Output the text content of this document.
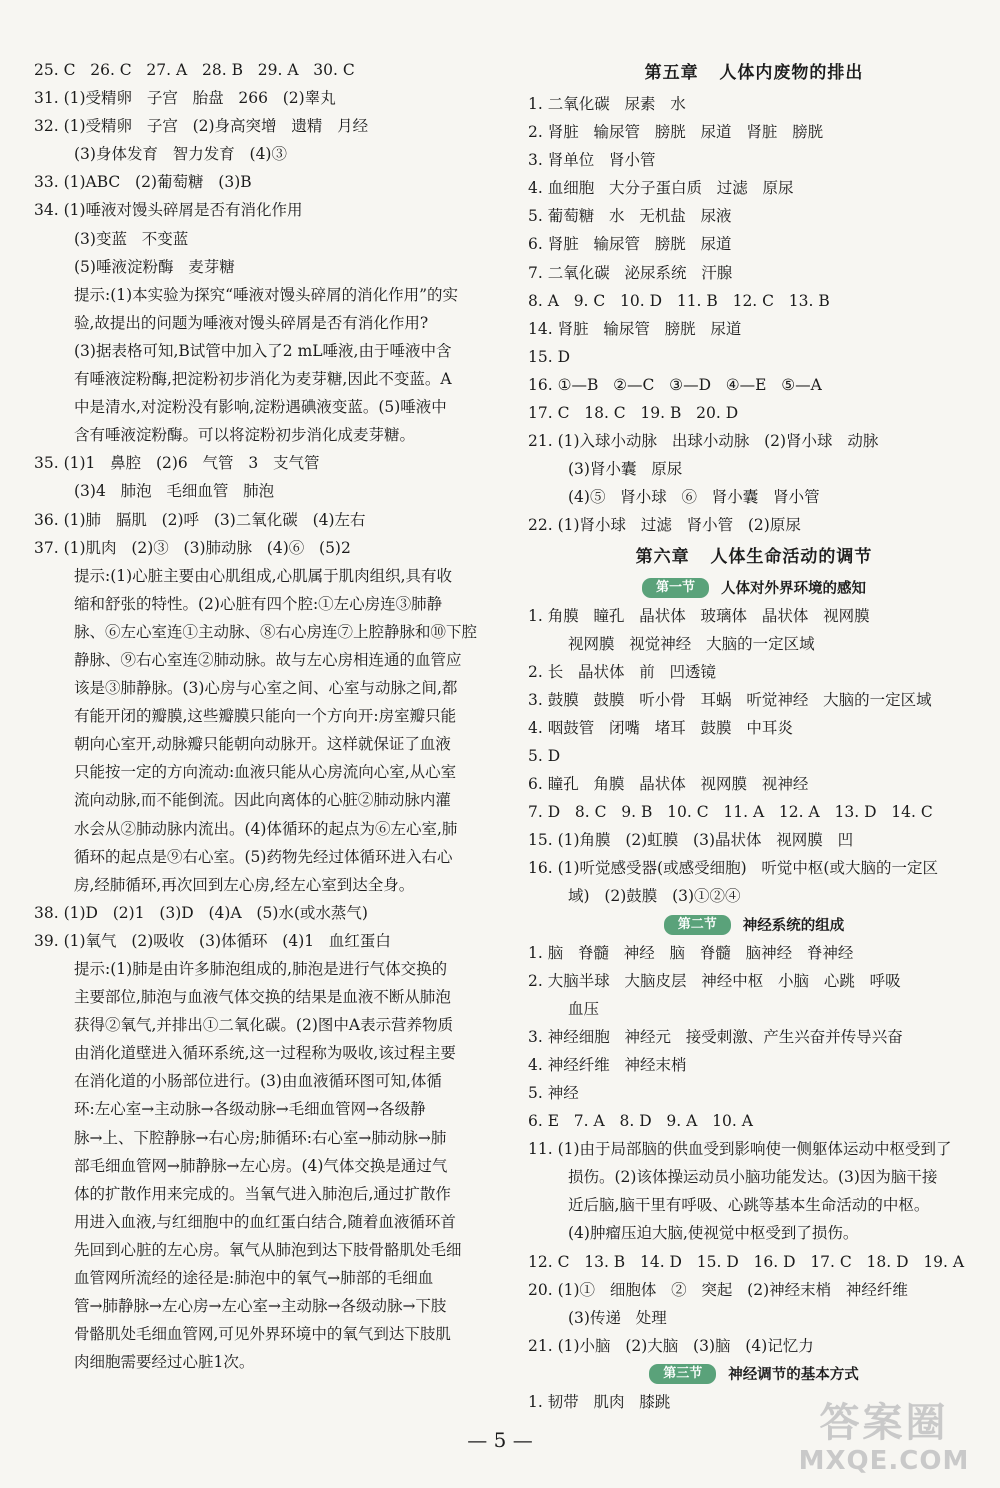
25. C   26. C   27. A   28. B   29. A   30. C
31. (1)受精卵   子宫   胎盘   266   (2)睾丸
32. (1)受精卵   子宫   (2)身高突增   遗精   月经
(3)身体发育   智力发育   (4)③
33. (1)ABC   (2)葡萄糖   (3)B
34. (1)唾液对馒头碎屑是否有消化作用
(3)变蓝   不变蓝
(5)唾液淀粉酶   麦芽糖
提示:(1)本实验为探究“唾液对馒头碎屑的消化作用”的实
验,故提出的问题为唾液对馒头碎屑是否有消化作用?
(3)据表格可知,B试管中加入了2 mL唾液,由于唾液中含
有唾液淀粉酶,把淀粉初步消化为麦芽糖,因此不变蓝。A
中是清水,对淀粉没有影响,淀粉遇碘液变蓝。(5)唾液中
含有唾液淀粉酶。可以将淀粉初步消化成麦芽糖。
35. (1)1   鼻腔   (2)6   气管   3   支气管
(3)4   肺泡   毛细血管   肺泡
36. (1)肺   膈肌   (2)呼   (3)二氧化碳   (4)左右
37. (1)肌肉   (2)③   (3)肺动脉   (4)⑥   (5)2
提示:(1)心脏主要由心肌组成,心肌属于肌肉组织,具有收
缩和舒张的特性。(2)心脏有四个腔:①左心房连③肺静
脉、⑥左心室连①主动脉、⑧右心房连⑦上腔静脉和⑩下腔
静脉、⑨右心室连②肺动脉。故与左心房相连通的血管应
该是③肺静脉。(3)心房与心室之间、心室与动脉之间,都
有能开闭的瓣膜,这些瓣膜只能向一个方向开:房室瓣只能
朝向心室开,动脉瓣只能朝向动脉开。这样就保证了血液
只能按一定的方向流动:血液只能从心房流向心室,从心室
流向动脉,而不能倒流。因此向离体的心脏②肺动脉内灌
水会从②肺动脉内流出。(4)体循环的起点为⑥左心室,肺
循环的起点是⑨右心室。(5)药物先经过体循环进入右心
房,经肺循环,再次回到左心房,经左心室到达全身。
38. (1)D   (2)1   (3)D   (4)A   (5)水(或水蒸气)
39. (1)氧气   (2)吸收   (3)体循环   (4)1   血红蛋白
提示:(1)肺是由许多肺泡组成的,肺泡是进行气体交换的
主要部位,肺泡与血液气体交换的结果是血液不断从肺泡
获得②氧气,并排出①二氧化碳。(2)图中A表示营养物质
由消化道壁进入循环系统,这一过程称为吸收,该过程主要
在消化道的小肠部位进行。(3)由血液循环图可知,体循
环:左心室→主动脉→各级动脉→毛细血管网→各级静
脉→上、下腔静脉→右心房;肺循环:右心室→肺动脉→肺
部毛细血管网→肺静脉→左心房。(4)气体交换是通过气
体的扩散作用来完成的。当氧气进入肺泡后,通过扩散作
用进入血液,与红细胞中的血红蛋白结合,随着血液循环首
先回到心脏的左心房。氧气从肺泡到达下肢骨骼肌处毛细
血管网所流经的途径是:肺泡中的氧气→肺部的毛细血
管→肺静脉→左心房→左心室→主动脉→各级动脉→下肢
骨骼肌处毛细血管网,可见外界环境中的氧气到达下肢肌
肉细胞需要经过心脏1次。
第五章   人体内废物的排出
1. 二氧化碳   尿素   水
2. 肾脏   输尿管   膀胱   尿道   肾脏   膀胱
3. 肾单位   肾小管
4. 血细胞   大分子蛋白质   过滤   原尿
5. 葡萄糖   水   无机盐   尿液
6. 肾脏   输尿管   膀胱   尿道
7. 二氧化碳   泌尿系统   汗腺
8. A   9. C   10. D   11. B   12. C   13. B
14. 肾脏   输尿管   膀胱   尿道
15. D
16. ①—B   ②—C   ③—D   ④—E   ⑤—A
17. C   18. C   19. B   20. D
21. (1)入球小动脉   出球小动脉   (2)肾小球   动脉
(3)肾小囊   原尿
(4)⑤   肾小球   ⑥   肾小囊   肾小管
22. (1)肾小球   过滤   肾小管   (2)原尿
第六章   人体生命活动的调节
第一节	人体对外界环境的感知
1. 角膜   瞳孔   晶状体   玻璃体   晶状体   视网膜
视网膜   视觉神经   大脑的一定区域
2. 长   晶状体   前   凹透镜
3. 鼓膜   鼓膜   听小骨   耳蜗   听觉神经   大脑的一定区域
4. 咽鼓管   闭嘴   堵耳   鼓膜   中耳炎
5. D
6. 瞳孔   角膜   晶状体   视网膜   视神经
7. D   8. C   9. B   10. C   11. A   12. A   13. D   14. C
15. (1)角膜   (2)虹膜   (3)晶状体   视网膜   凹
16. (1)听觉感受器(或感受细胞)   听觉中枢(或大脑的一定区
域)   (2)鼓膜   (3)①②④
第二节	神经系统的组成
1. 脑   脊髓   神经   脑   脊髓   脑神经   脊神经
2. 大脑半球   大脑皮层   神经中枢   小脑   心跳   呼吸
血压
3. 神经细胞   神经元   接受刺激、产生兴奋并传导兴奋
4. 神经纤维   神经末梢
5. 神经
6. E   7. A   8. D   9. A   10. A
11. (1)由于局部脑的供血受到影响使一侧躯体运动中枢受到了
损伤。(2)该体操运动员小脑功能发达。(3)因为脑干接
近后脑,脑干里有呼吸、心跳等基本生命活动的中枢。
(4)肿瘤压迫大脑,使视觉中枢受到了损伤。
12. C   13. B   14. D   15. D   16. D   17. C   18. D   19. A
20. (1)①   细胞体   ②   突起   (2)神经末梢   神经纤维
(3)传递   处理
21. (1)小脑   (2)大脑   (3)脑   (4)记忆力
第三节	神经调节的基本方式
1. 韧带   肌肉   膝跳
— 5 —	答案圈
MXQE.COM
